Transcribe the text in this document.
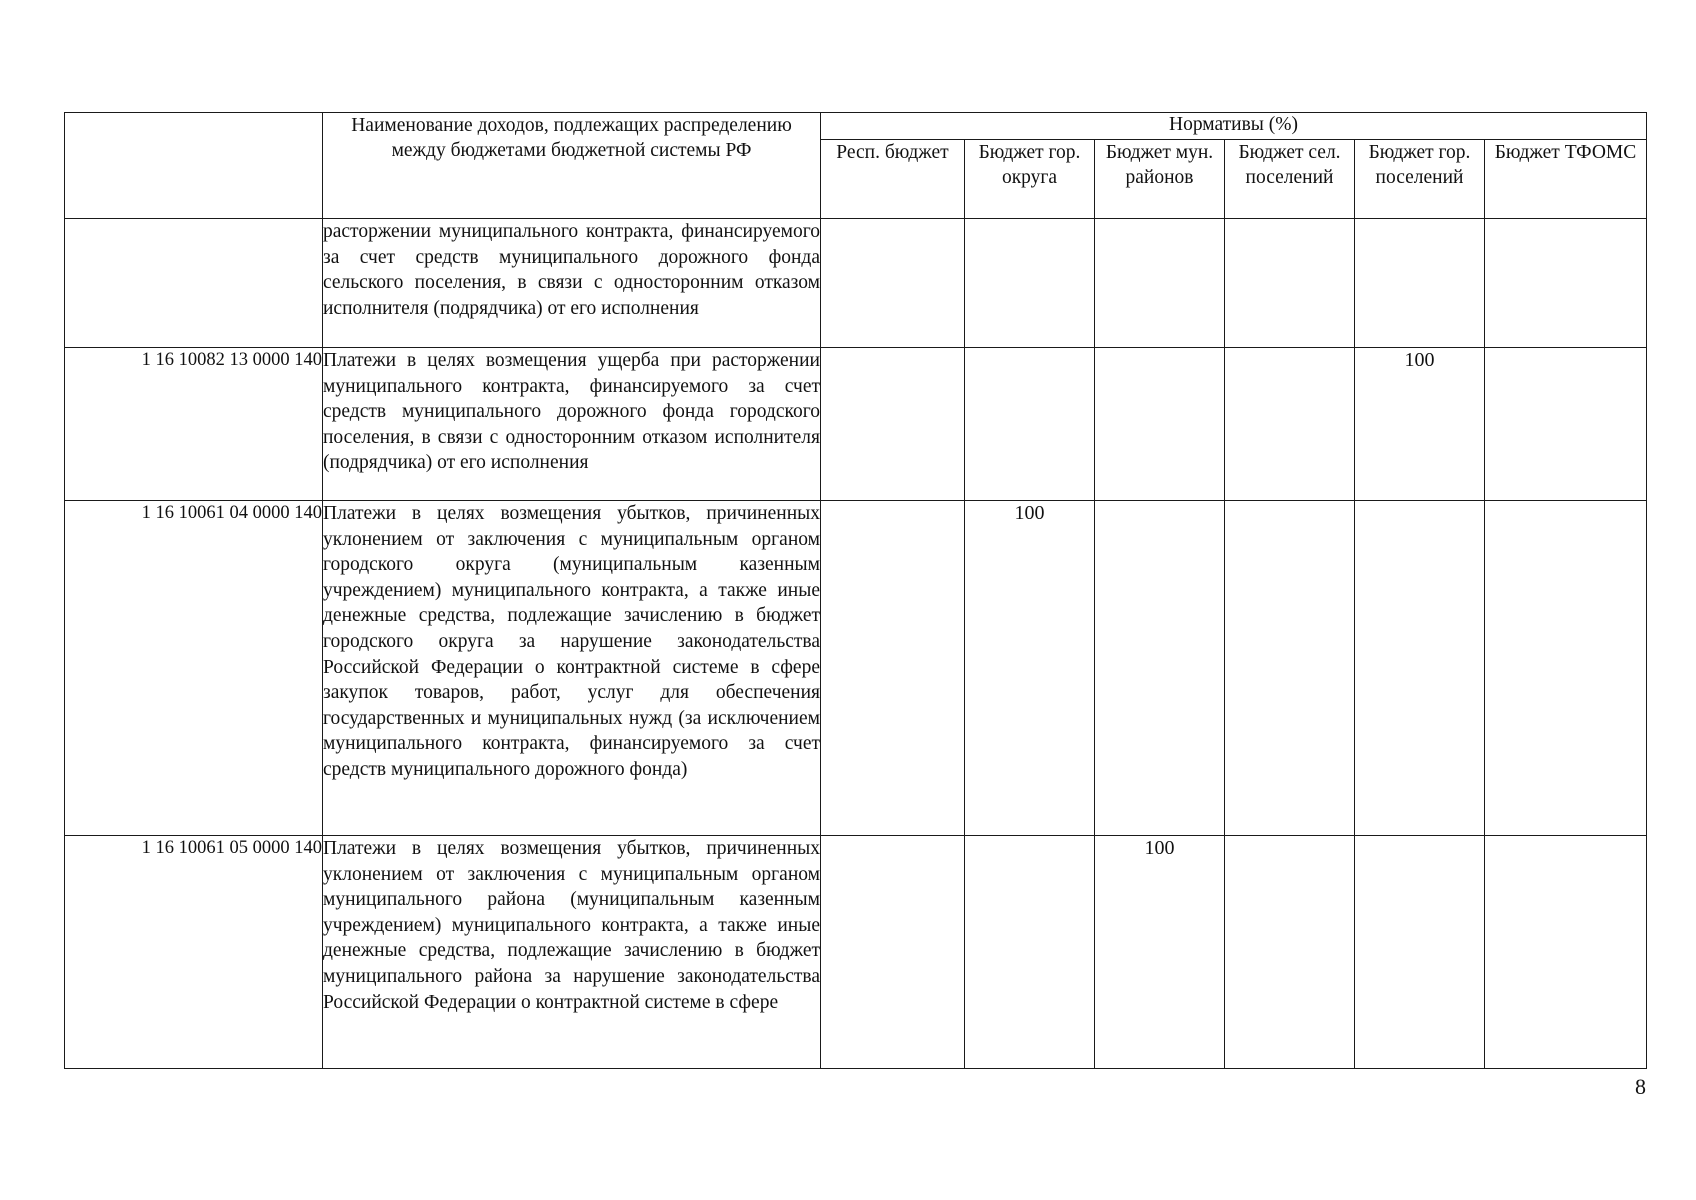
	Наименование доходов, подлежащих распределению между бюджетами бюджетной системы РФ	Нормативы (%)					
		Респ. бюджет	Бюджет гор. округа	Бюджет мун. районов	Бюджет сел. поселений	Бюджет гор. поселений	Бюджет ТФОМС
	расторжении муниципального контракта, финансируемого за счет средств муниципального дорожного фонда сельского поселения, в связи с односторонним отказом исполнителя (подрядчика) от его исполнения						
1 16 10082 13 0000 140	Платежи в целях возмещения ущерба при расторжении муниципального контракта, финансируемого за счет средств муниципального дорожного фонда городского поселения, в связи с односторонним отказом исполнителя (подрядчика) от его исполнения					100	
1 16 10061 04 0000 140	Платежи в целях возмещения убытков, причиненных уклонением от заключения с муниципальным органом городского округа (муниципальным казенным учреждением) муниципального контракта, а также иные денежные средства, подлежащие зачислению в бюджет городского округа за нарушение законодательства Российской Федерации о контрактной системе в сфере закупок товаров, работ, услуг для обеспечения государственных и муниципальных нужд (за исключением муниципального контракта, финансируемого за счет средств муниципального дорожного фонда)		100				
1 16 10061 05 0000 140	Платежи в целях возмещения убытков, причиненных уклонением от заключения с муниципальным органом муниципального района (муниципальным казенным учреждением) муниципального контракта, а также иные денежные средства, подлежащие зачислению в бюджет муниципального района за нарушение законодательства Российской Федерации о контрактной системе в сфере			100			
8
